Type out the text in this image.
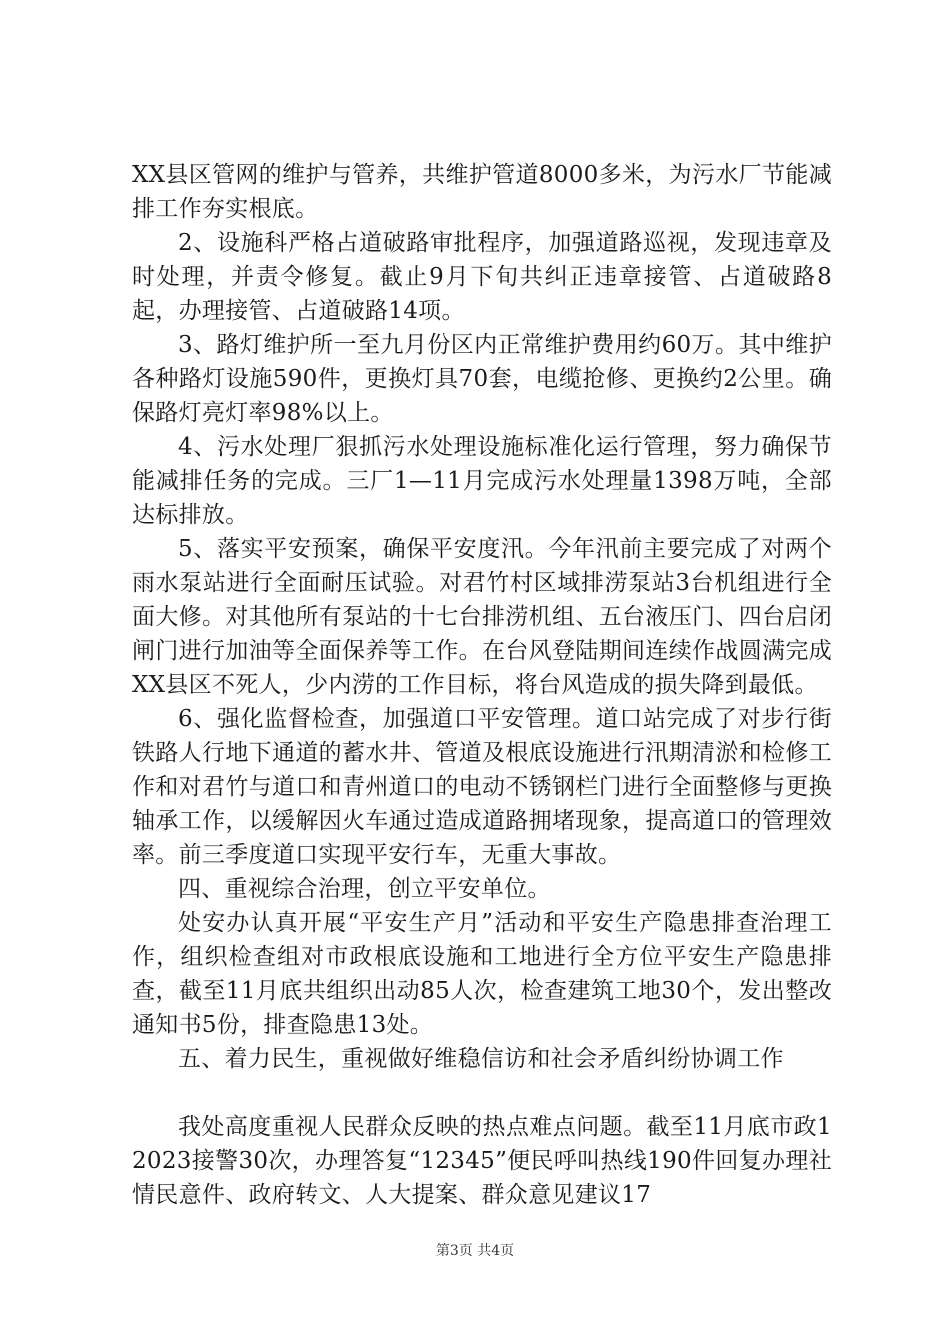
XX县区管网的维护与管养，共维护管道8000多米，为污水厂节能减排工作夯实根底。

2、设施科严格占道破路审批程序，加强道路巡视，发现违章及时处理，并责令修复。截止9月下旬共纠正违章接管、占道破路8起，办理接管、占道破路14项。

3、路灯维护所一至九月份区内正常维护费用约60万。其中维护各种路灯设施590件，更换灯具70套，电缆抢修、更换约2公里。确保路灯亮灯率98%以上。

4、污水处理厂狠抓污水处理设施标准化运行管理，努力确保节能减排任务的完成。三厂1—11月完成污水处理量1398万吨，全部达标排放。

5、落实平安预案，确保平安度汛。今年汛前主要完成了对两个雨水泵站进行全面耐压试验。对君竹村区域排涝泵站3台机组进行全面大修。对其他所有泵站的十七台排涝机组、五台液压门、四台启闭闸门进行加油等全面保养等工作。在台风登陆期间连续作战圆满完成XX县区不死人，少内涝的工作目标，将台风造成的损失降到最低。

6、强化监督检查，加强道口平安管理。道口站完成了对步行街铁路人行地下通道的蓄水井、管道及根底设施进行汛期清淤和检修工作和对君竹与道口和青州道口的电动不锈钢栏门进行全面整修与更换轴承工作，以缓解因火车通过造成道路拥堵现象，提高道口的管理效率。前三季度道口实现平安行车，无重大事故。

四、重视综合治理，创立平安单位。

处安办认真开展“平安生产月”活动和平安生产隐患排查治理工作，组织检查组对市政根底设施和工地进行全方位平安生产隐患排查，截至11月底共组织出动85人次，检查建筑工地30个，发出整改通知书5份，排查隐患13处。

五、着力民生，重视做好维稳信访和社会矛盾纠纷协调工作

我处高度重视人民群众反映的热点难点问题。截至11月底市政12023接警30次，办理答复“12345”便民呼叫热线190件回复办理社情民意件、政府转文、人大提案、群众意见建议17

第3页 共4页
